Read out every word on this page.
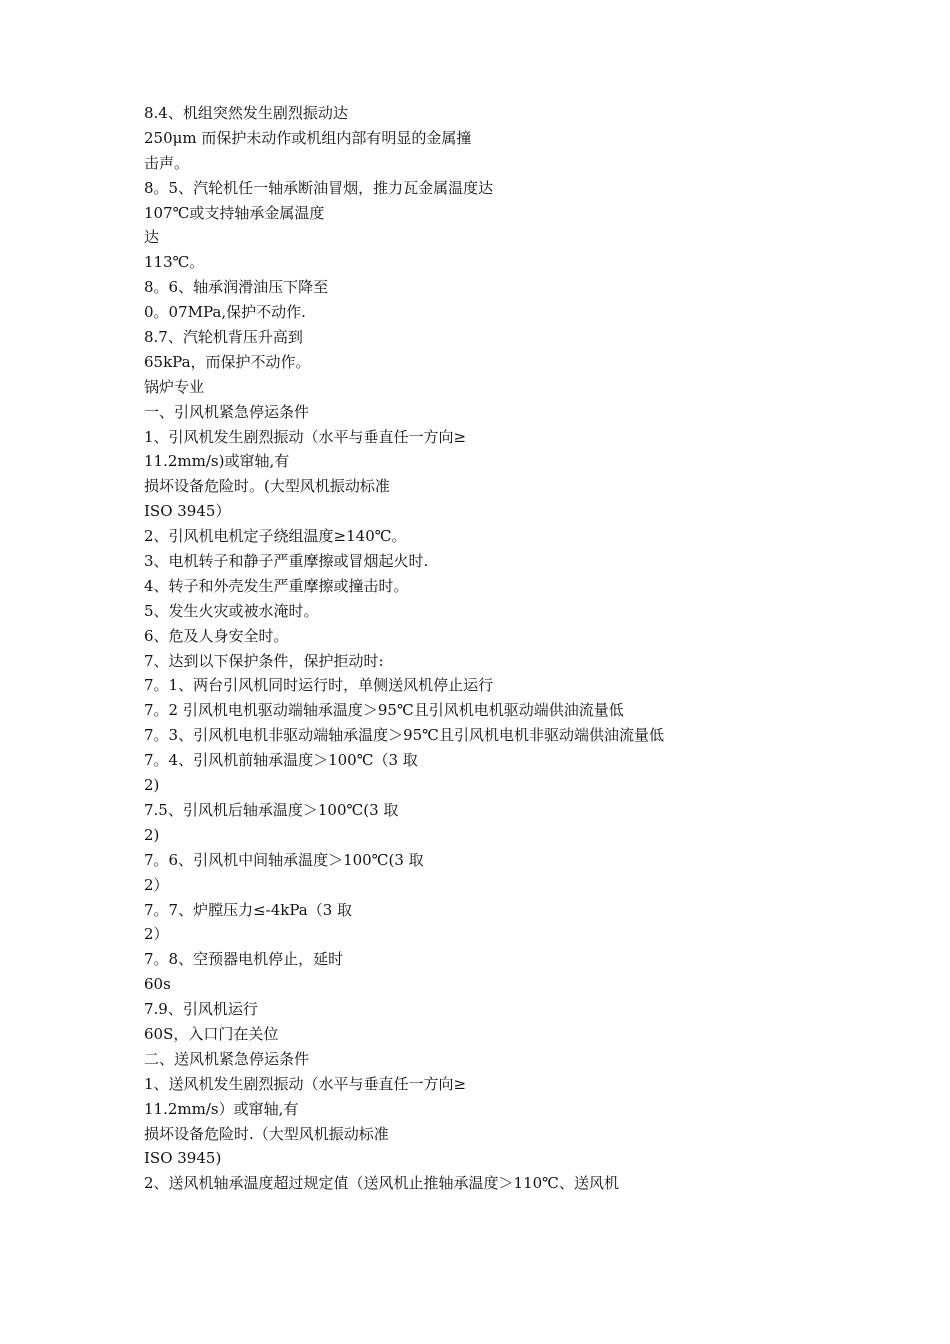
8.4、机组突然发生剧烈振动达
250μm 而保护未动作或机组内部有明显的金属撞
击声。
8。5、汽轮机任一轴承断油冒烟，推力瓦金属温度达
107℃或支持轴承金属温度
达
113℃。
8。6、轴承润滑油压下降至
0。07MPa,保护不动作.
8.7、汽轮机背压升高到
65kPa，而保护不动作。
锅炉专业
一、引风机紧急停运条件
1、引风机发生剧烈振动（水平与垂直任一方向≥
11.2mm/s)或窜轴,有
损坏设备危险时。(大型风机振动标准
ISO 3945）
2、引风机电机定子绕组温度≥140℃。
3、电机转子和静子严重摩擦或冒烟起火时.
4、转子和外壳发生严重摩擦或撞击时。
5、发生火灾或被水淹时。
6、危及人身安全时。
7、达到以下保护条件，保护拒动时:
7。1、两台引风机同时运行时，单侧送风机停止运行
7。2 引风机电机驱动端轴承温度＞95℃且引风机电机驱动端供油流量低
7。3、引风机电机非驱动端轴承温度＞95℃且引风机电机非驱动端供油流量低
7。4、引风机前轴承温度＞100℃（3 取
2)
7.5、引风机后轴承温度＞100℃(3 取
2)
7。6、引风机中间轴承温度＞100℃(3 取
2）
7。7、炉膛压力≤-4kPa（3 取
2）
7。8、空预器电机停止，延时
60s
7.9、引风机运行
60S，入口门在关位
二、送风机紧急停运条件
1、送风机发生剧烈振动（水平与垂直任一方向≥
11.2mm/s）或窜轴,有
损坏设备危险时.（大型风机振动标准
ISO 3945)
2、送风机轴承温度超过规定值（送风机止推轴承温度＞110℃、送风机
